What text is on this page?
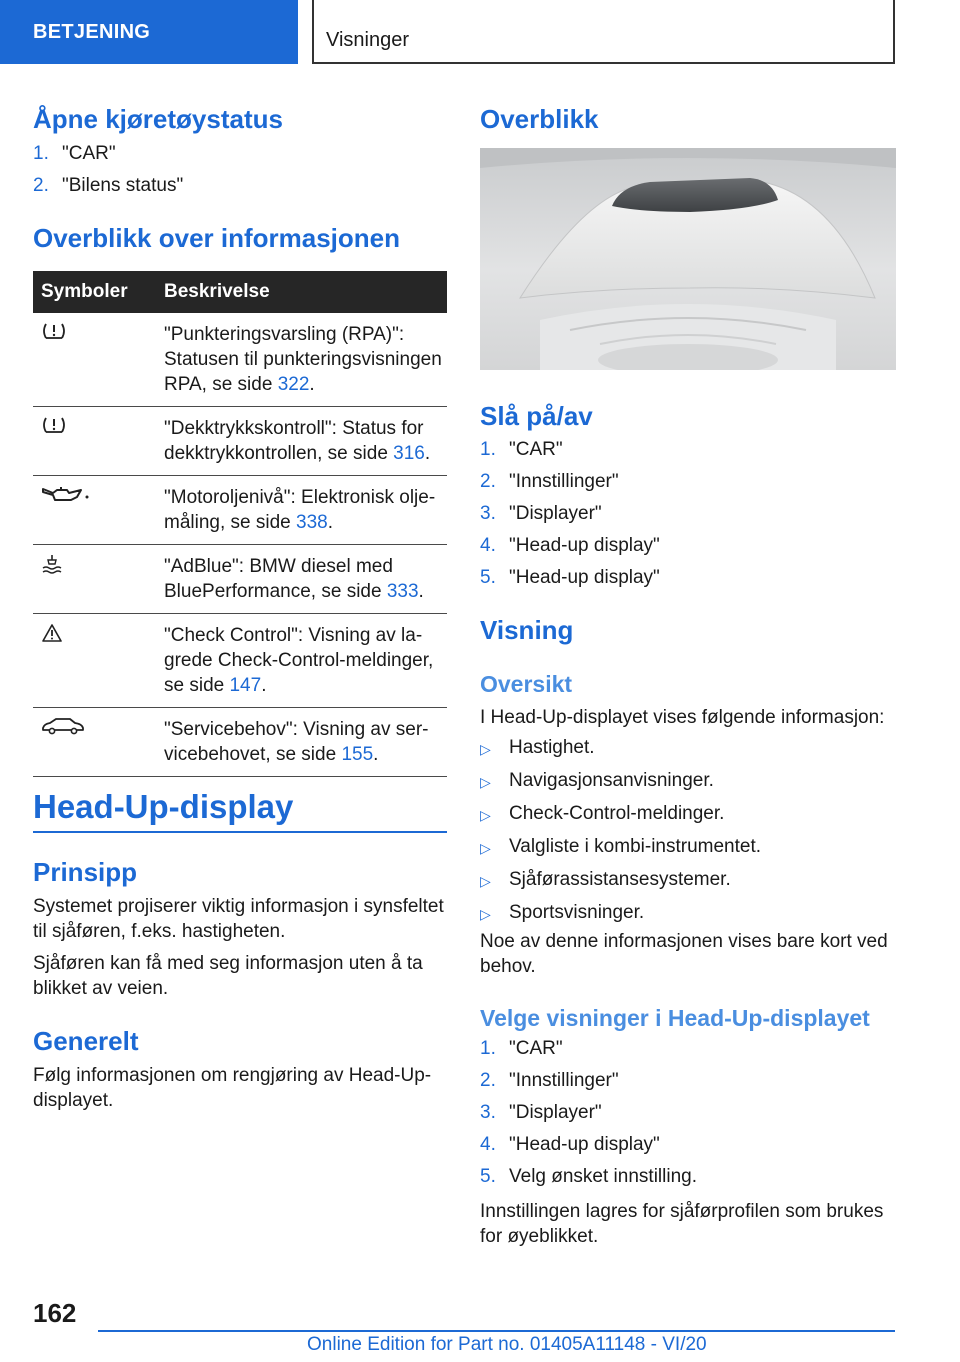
BETJENING	Visninger
Åpne kjøretøystatus
1. "CAR"
2. "Bilens status"
Overblikk over informasjonen
Symboler	Beskrivelse
	"Punkteringsvarsling (RPA)": Statusen til punkteringsvisningen RPA, se side 322.
	"Dekktrykkskontroll": Status for dekktrykkontrollen, se side 316.
	"Motoroljenivå": Elektronisk oljemåling, se side 338.
	"AdBlue": BMW diesel med BluePerformance, se side 333.
	"Check Control": Visning av lagrede Check-Control-meldinger, se side 147.
	"Servicebehov": Visning av servicebehovet, se side 155.
Head-Up-display
Prinsipp

Systemet projiserer viktig informasjon i synsfeltet til sjåføren, f.eks. hastigheten.

Sjåføren kan få med seg informasjon uten å ta blikket av veien.

Generelt

Følg informasjonen om rengjøring av Head-Up-displayet.

Overblikk
Slå på/av
1. "CAR"
2. "Innstillinger"
3. "Displayer"
4. "Head-up display"
5. "Head-up display"
Visning
Oversikt

I Head-Up-displayet vises følgende informasjon:

▷ Hastighet.
▷ Navigasjonsanvisninger.
▷ Check-Control-meldinger.
▷ Valgliste i kombi-instrumentet.
▷ Sjåførassistansesystemer.
▷ Sportsvisninger.

Noe av denne informasjonen vises bare kort ved behov.

Velge visninger i Head-Up-displayet
1. "CAR"
2. "Innstillinger"
3. "Displayer"
4. "Head-up display"
5. Velg ønsket innstilling.

Innstillingen lagres for sjåførprofilen som brukes for øyeblikket.

162
Online Edition for Part no. 01405A11148 - VI/20
